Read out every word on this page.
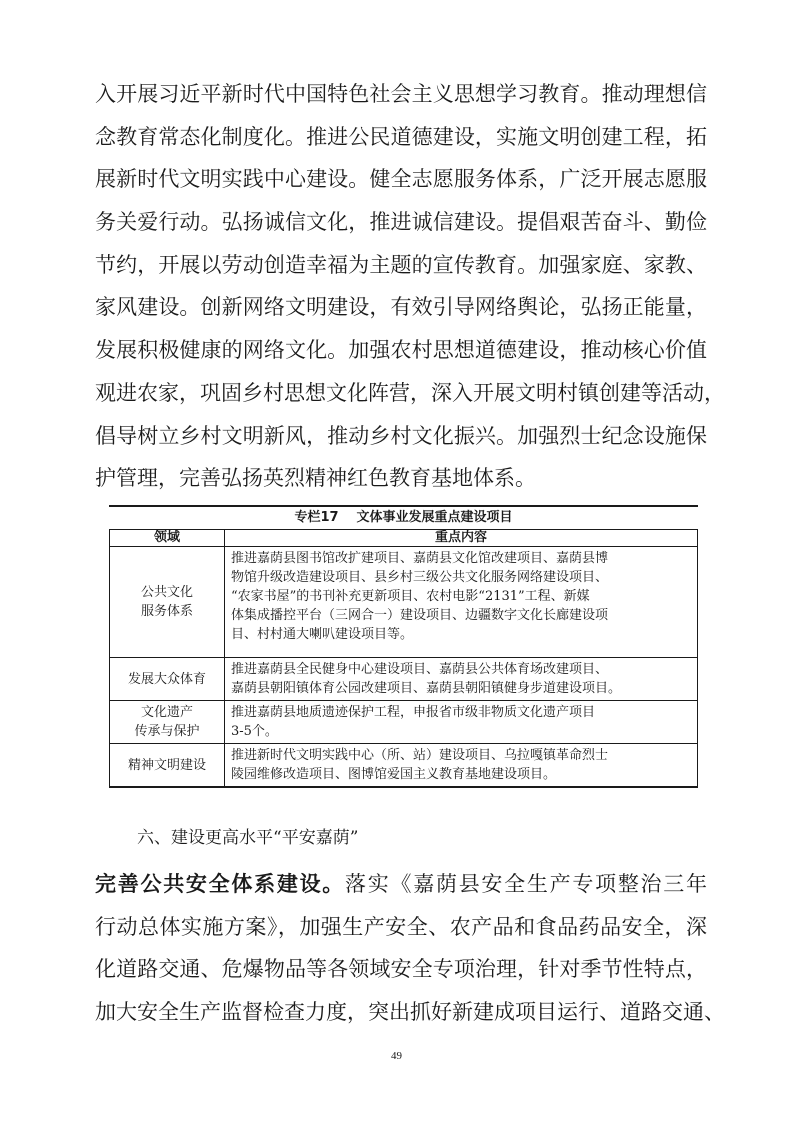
入开展习近平新时代中国特色社会主义思想学习教育。推动理想信
念教育常态化制度化。推进公民道德建设，实施文明创建工程，拓
展新时代文明实践中心建设。健全志愿服务体系，广泛开展志愿服
务关爱行动。弘扬诚信文化，推进诚信建设。提倡艰苦奋斗、勤俭
节约，开展以劳动创造幸福为主题的宣传教育。加强家庭、家教、
家风建设。创新网络文明建设，有效引导网络舆论，弘扬正能量，
发展积极健康的网络文化。加强农村思想道德建设，推动核心价值
观进农家，巩固乡村思想文化阵营，深入开展文明村镇创建等活动，
倡导树立乡村文明新风，推动乡村文化振兴。加强烈士纪念设施保
护管理，完善弘扬英烈精神红色教育基地体系。
专栏17 文体事业发展重点建设项目
领域	重点内容

公共文化
服务体系	推进嘉荫县图书馆改扩建项目、嘉荫县文化馆改建项目、嘉荫县博
物馆升级改造建设项目、县乡村三级公共文化服务网络建设项目、
“农家书屋”的书刊补充更新项目、农村电影“2131”工程、新媒
体集成播控平台（三网合一）建设项目、边疆数字文化长廊建设项
目、村村通大喇叭建设项目等。

发展大众体育	推进嘉荫县全民健身中心建设项目、嘉荫县公共体育场改建项目、
嘉荫县朝阳镇体育公园改建项目、嘉荫县朝阳镇健身步道建设项目。

文化遗产
传承与保护	推进嘉荫县地质遗迹保护工程，申报省市级非物质文化遗产项目
3-5个。

精神文明建设	推进新时代文明实践中心（所、站）建设项目、乌拉嘎镇革命烈士
陵园维修改造项目、图博馆爱国主义教育基地建设项目。
六、建设更高水平“平安嘉荫”
完善公共安全体系建设。落实《嘉荫县安全生产专项整治三年
行动总体实施方案》，加强生产安全、农产品和食品药品安全，深
化道路交通、危爆物品等各领域安全专项治理，针对季节性特点，
加大安全生产监督检查力度，突出抓好新建成项目运行、道路交通、
49
